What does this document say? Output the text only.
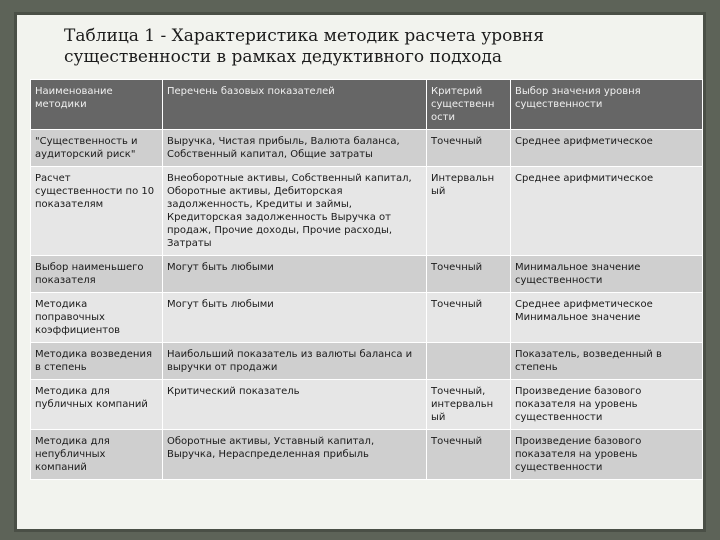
Таблица 1 - Характеристика методик расчета уровня существенности в рамках дедуктивного подхода
Наименование методики	Перечень базовых показателей	Критерий существенн ости	Выбор значения уровня существенности
"Существенность и аудиторский риск"	Выручка, Чистая прибыль, Валюта баланса, Собственный капитал, Общие затраты	Точечный	Среднее арифметическое
Расчет существенности по 10 показателям	Внеоборотные активы, Собственный капитал, Оборотные активы, Дебиторская задолженность, Кредиты и займы, Кредиторская задолженность Выручка от продаж, Прочие доходы, Прочие расходы, Затраты	Интервальн ый	Среднее арифмитическое
Выбор наименьшего показателя	Могут быть любыми	Точечный	Минимальное значение существенности
Методика поправочных коэффициентов	Могут быть любыми	Точечный	Среднее арифметическое Минимальное значение
Методика возведения в степень	Наибольший показатель из валюты баланса и выручки от продажи		Показатель, возведенный в степень
Методика для публичных компаний	Критический показатель	Точечный, интервальн ый	Произведение базового показателя на уровень существенности
Методика для непубличных компаний	Оборотные активы, Уставный капитал, Выручка, Нераспределенная прибыль	Точечный	Произведение базового показателя на уровень существенности
